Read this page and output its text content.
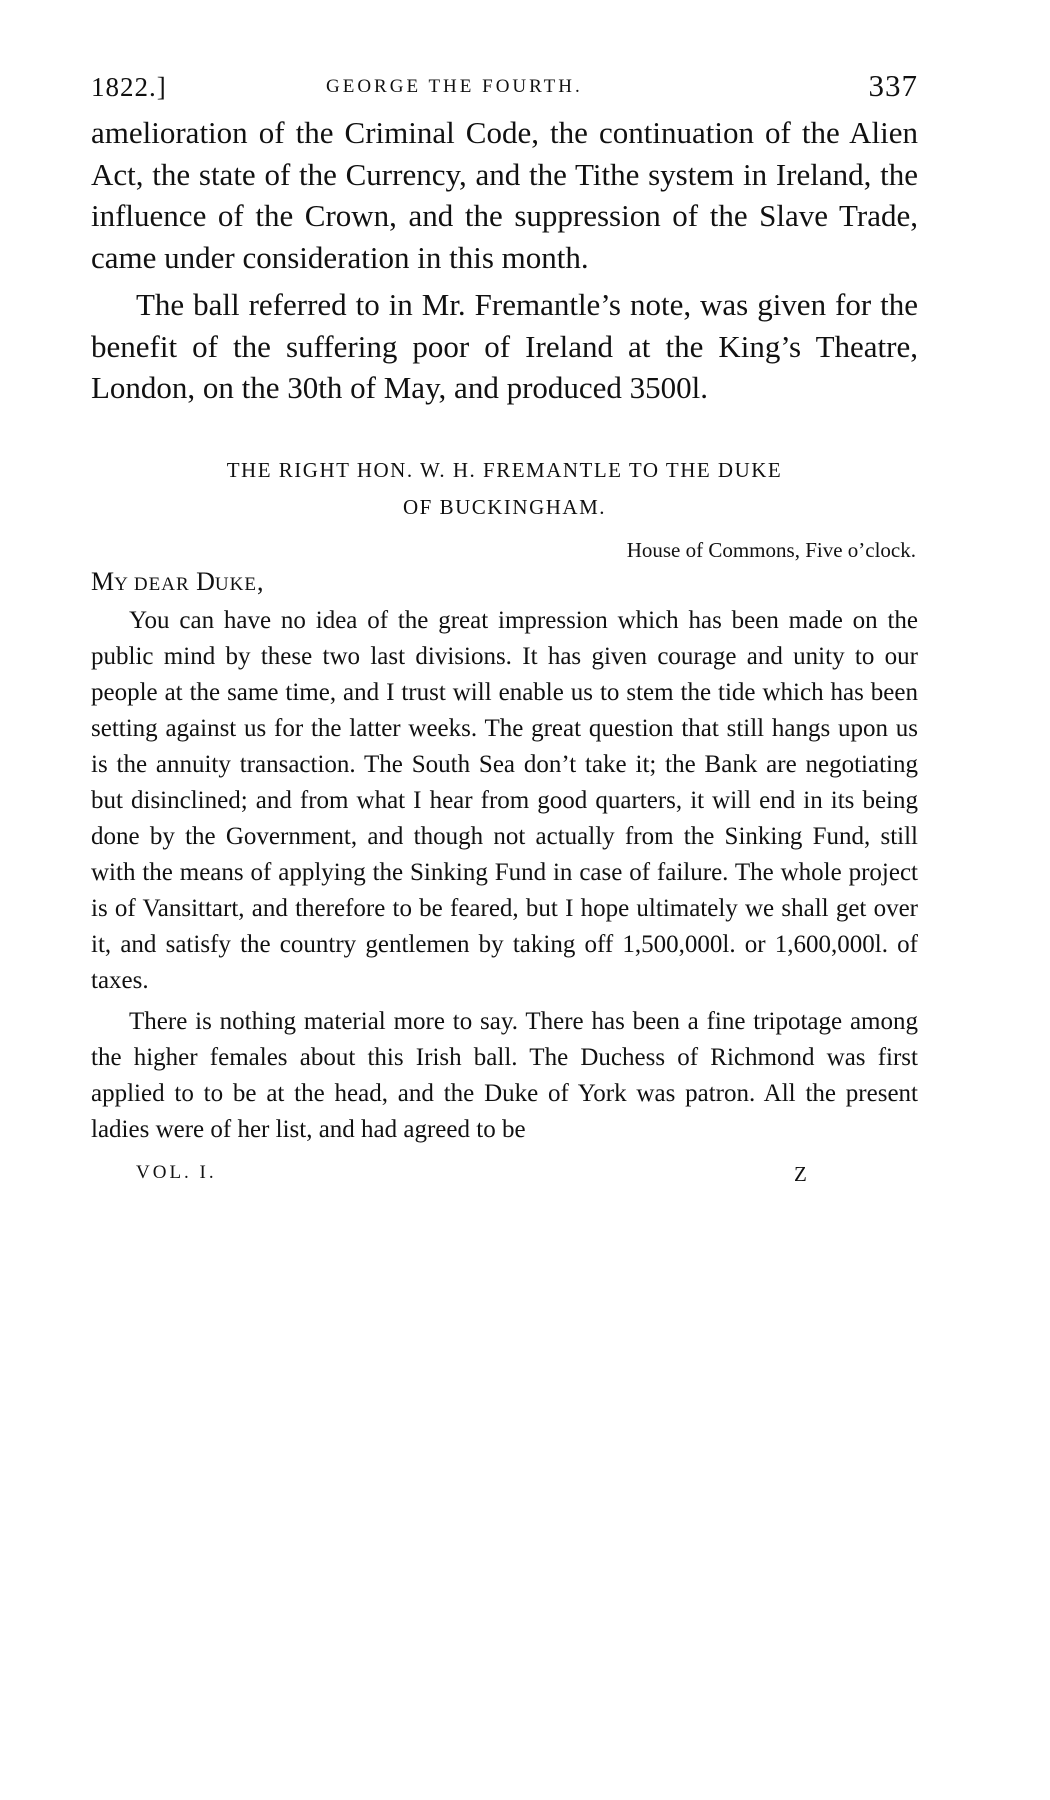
1822.]	GEORGE THE FOURTH.	337

amelioration of the Criminal Code, the continuation of the Alien Act, the state of the Currency, and the Tithe system in Ireland, the influence of the Crown, and the suppression of the Slave Trade, came under consideration in this month.

The ball referred to in Mr. Fremantle’s note, was given for the benefit of the suffering poor of Ireland at the King’s Theatre, London, on the 30th of May, and produced 3500l.

THE RIGHT HON. W. H. FREMANTLE TO THE DUKE
OF BUCKINGHAM.
House of Commons, Five o’clock.
MY DEAR DUKE,

You can have no idea of the great impression which has been made on the public mind by these two last divisions. It has given courage and unity to our people at the same time, and I trust will enable us to stem the tide which has been setting against us for the latter weeks. The great question that still hangs upon us is the annuity transaction. The South Sea don’t take it; the Bank are negotiating but disinclined; and from what I hear from good quarters, it will end in its being done by the Government, and though not actually from the Sinking Fund, still with the means of applying the Sinking Fund in case of failure. The whole project is of Vansittart, and therefore to be feared, but I hope ultimately we shall get over it, and satisfy the country gentlemen by taking off 1,500,000l. or 1,600,000l. of taxes.

There is nothing material more to say. There has been a fine tripotage among the higher females about this Irish ball. The Duchess of Richmond was first applied to to be at the head, and the Duke of York was patron. All the present ladies were of her list, and had agreed to be

VOL. I.	Z
